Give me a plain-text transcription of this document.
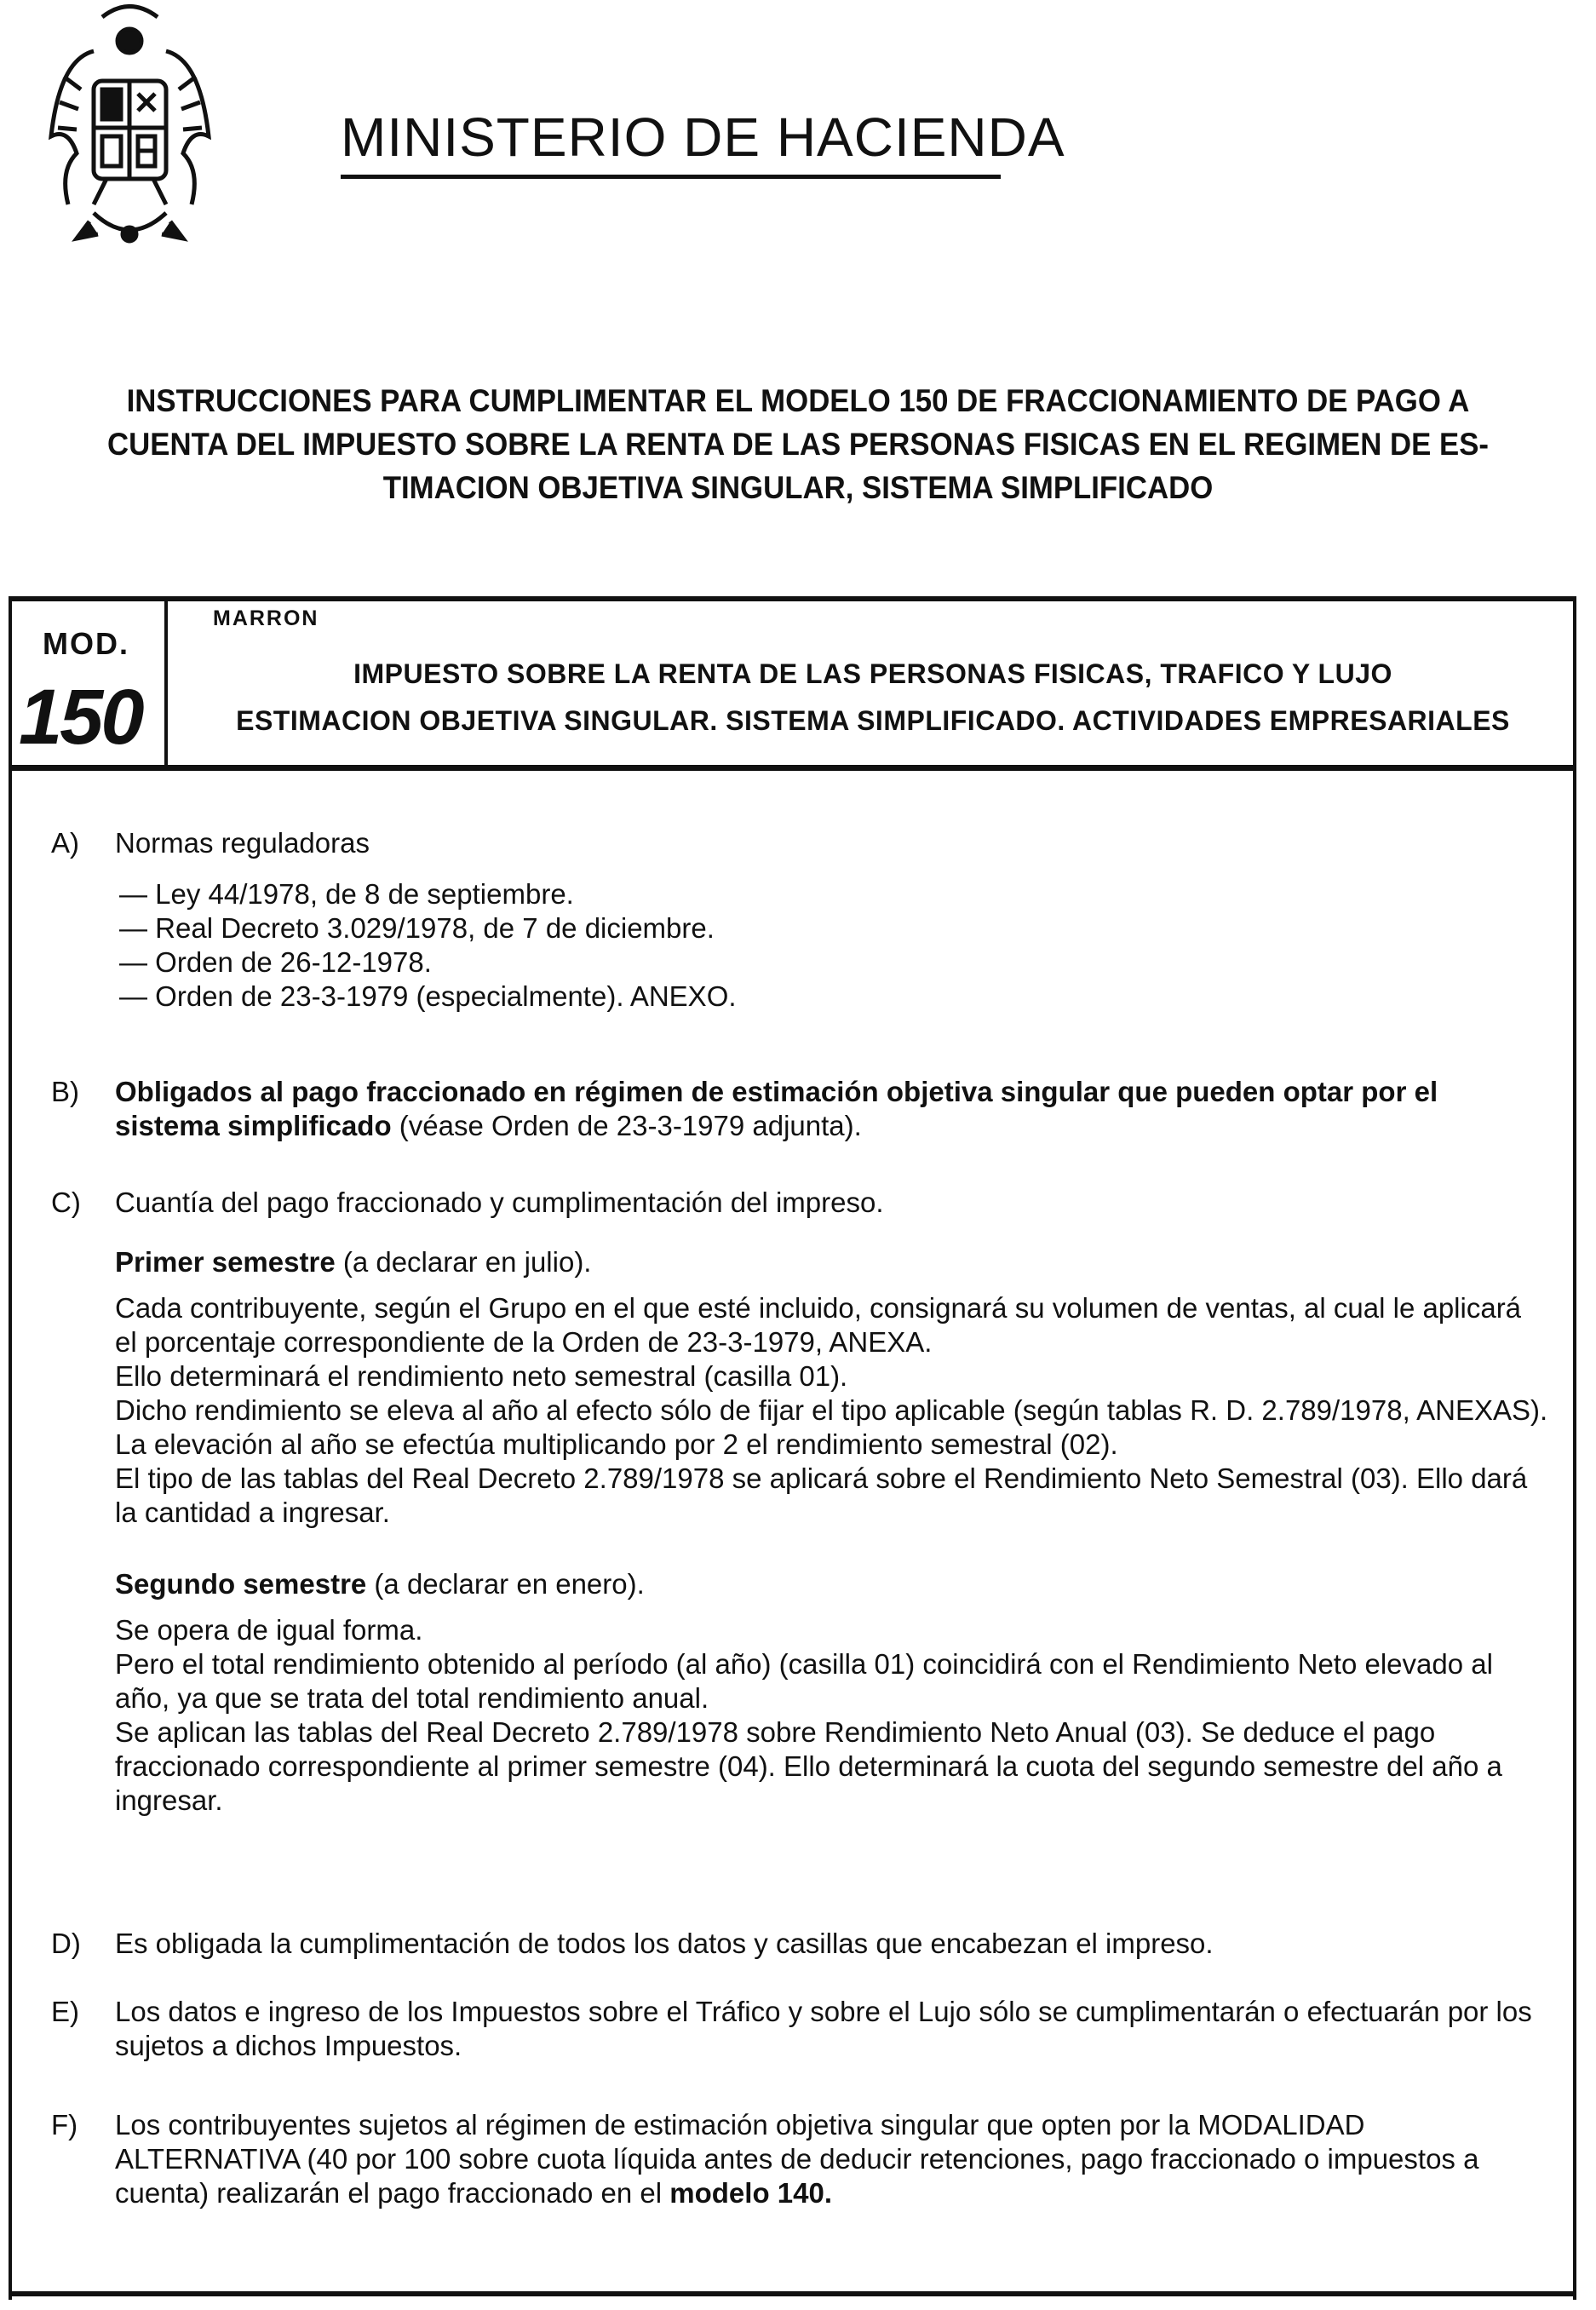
MINISTERIO DE HACIENDA
INSTRUCCIONES PARA CUMPLIMENTAR EL MODELO 150 DE FRACCIONAMIENTO DE PAGO A
CUENTA DEL IMPUESTO SOBRE LA RENTA DE LAS PERSONAS FISICAS EN EL REGIMEN DE ES-
TIMACION OBJETIVA SINGULAR, SISTEMA SIMPLIFICADO
MOD.
150
MARRON

IMPUESTO SOBRE LA RENTA DE LAS PERSONAS FISICAS, TRAFICO Y LUJO

ESTIMACION OBJETIVA SINGULAR. SISTEMA SIMPLIFICADO. ACTIVIDADES EMPRESARIALES

A)	Normas reguladoras

— Ley 44/1978, de 8 de septiembre.

— Real Decreto 3.029/1978, de 7 de diciembre.

— Orden de 26-12-1978.

— Orden de 23-3-1979 (especialmente). ANEXO.

B)	Obligados al pago fraccionado en régimen de estimación objetiva singular que pueden optar por el sistema simplificado (véase Orden de 23-3-1979 adjunta).

C)	Cuantía del pago fraccionado y cumplimentación del impreso.

Primer semestre (a declarar en julio).

Cada contribuyente, según el Grupo en el que esté incluido, consignará su volumen de ventas, al cual le aplicará el porcentaje correspondiente de la Orden de 23-3-1979, ANEXA.

Ello determinará el rendimiento neto semestral (casilla 01).

Dicho rendimiento se eleva al año al efecto sólo de fijar el tipo aplicable (según tablas R. D. 2.789/1978, ANEXAS). La elevación al año se efectúa multiplicando por 2 el rendimiento semestral (02).

El tipo de las tablas del Real Decreto 2.789/1978 se aplicará sobre el Rendimiento Neto Semestral (03). Ello dará la cantidad a ingresar.

Segundo semestre (a declarar en enero).

Se opera de igual forma.

Pero el total rendimiento obtenido al período (al año) (casilla 01) coincidirá con el Rendimiento Neto elevado al año, ya que se trata del total rendimiento anual.

Se aplican las tablas del Real Decreto 2.789/1978 sobre Rendimiento Neto Anual (03). Se deduce el pago fraccionado correspondiente al primer semestre (04). Ello determinará la cuota del segundo semestre del año a ingresar.

D)	Es obligada la cumplimentación de todos los datos y casillas que encabezan el impreso.

E)	Los datos e ingreso de los Impuestos sobre el Tráfico y sobre el Lujo sólo se cumplimentarán o efectuarán por los sujetos a dichos Impuestos.

F)	Los contribuyentes sujetos al régimen de estimación objetiva singular que opten por la MODALIDAD ALTERNATIVA (40 por 100 sobre cuota líquida antes de deducir retenciones, pago fraccionado o impuestos a cuenta) realizarán el pago fraccionado en el modelo 140.
